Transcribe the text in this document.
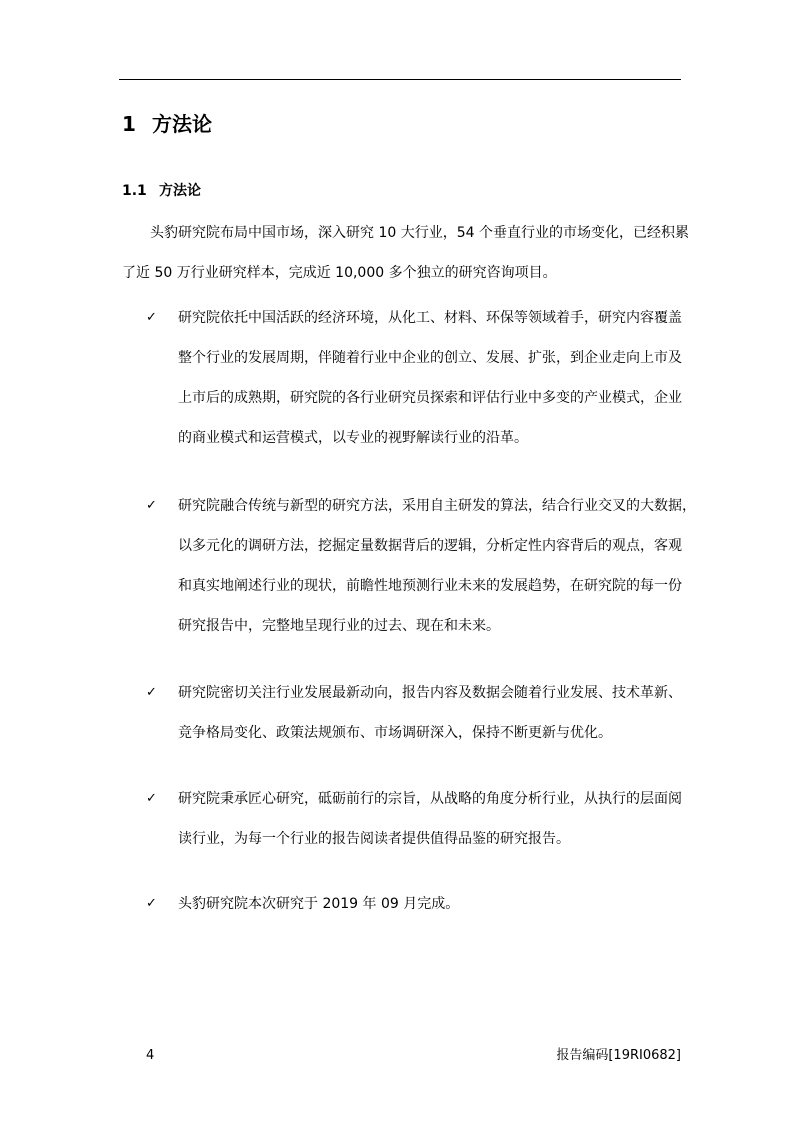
1 方法论
1.1 方法论
头豹研究院布局中国市场，深入研究 10 大行业，54 个垂直行业的市场变化，已经积累
了近 50 万行业研究样本，完成近 10,000 多个独立的研究咨询项目。
✓	研究院依托中国活跃的经济环境，从化工、材料、环保等领域着手，研究内容覆盖
整个行业的发展周期，伴随着行业中企业的创立、发展、扩张，到企业走向上市及
上市后的成熟期，研究院的各行业研究员探索和评估行业中多变的产业模式，企业
的商业模式和运营模式，以专业的视野解读行业的沿革。
✓	研究院融合传统与新型的研究方法，采用自主研发的算法，结合行业交叉的大数据，
以多元化的调研方法，挖掘定量数据背后的逻辑，分析定性内容背后的观点，客观
和真实地阐述行业的现状，前瞻性地预测行业未来的发展趋势，在研究院的每一份
研究报告中，完整地呈现行业的过去、现在和未来。
✓	研究院密切关注行业发展最新动向，报告内容及数据会随着行业发展、技术革新、
竞争格局变化、政策法规颁布、市场调研深入，保持不断更新与优化。
✓	研究院秉承匠心研究，砥砺前行的宗旨，从战略的角度分析行业，从执行的层面阅
读行业，为每一个行业的报告阅读者提供值得品鉴的研究报告。
✓	头豹研究院本次研究于 2019 年 09 月完成。
4	报告编码[19RI0682]
